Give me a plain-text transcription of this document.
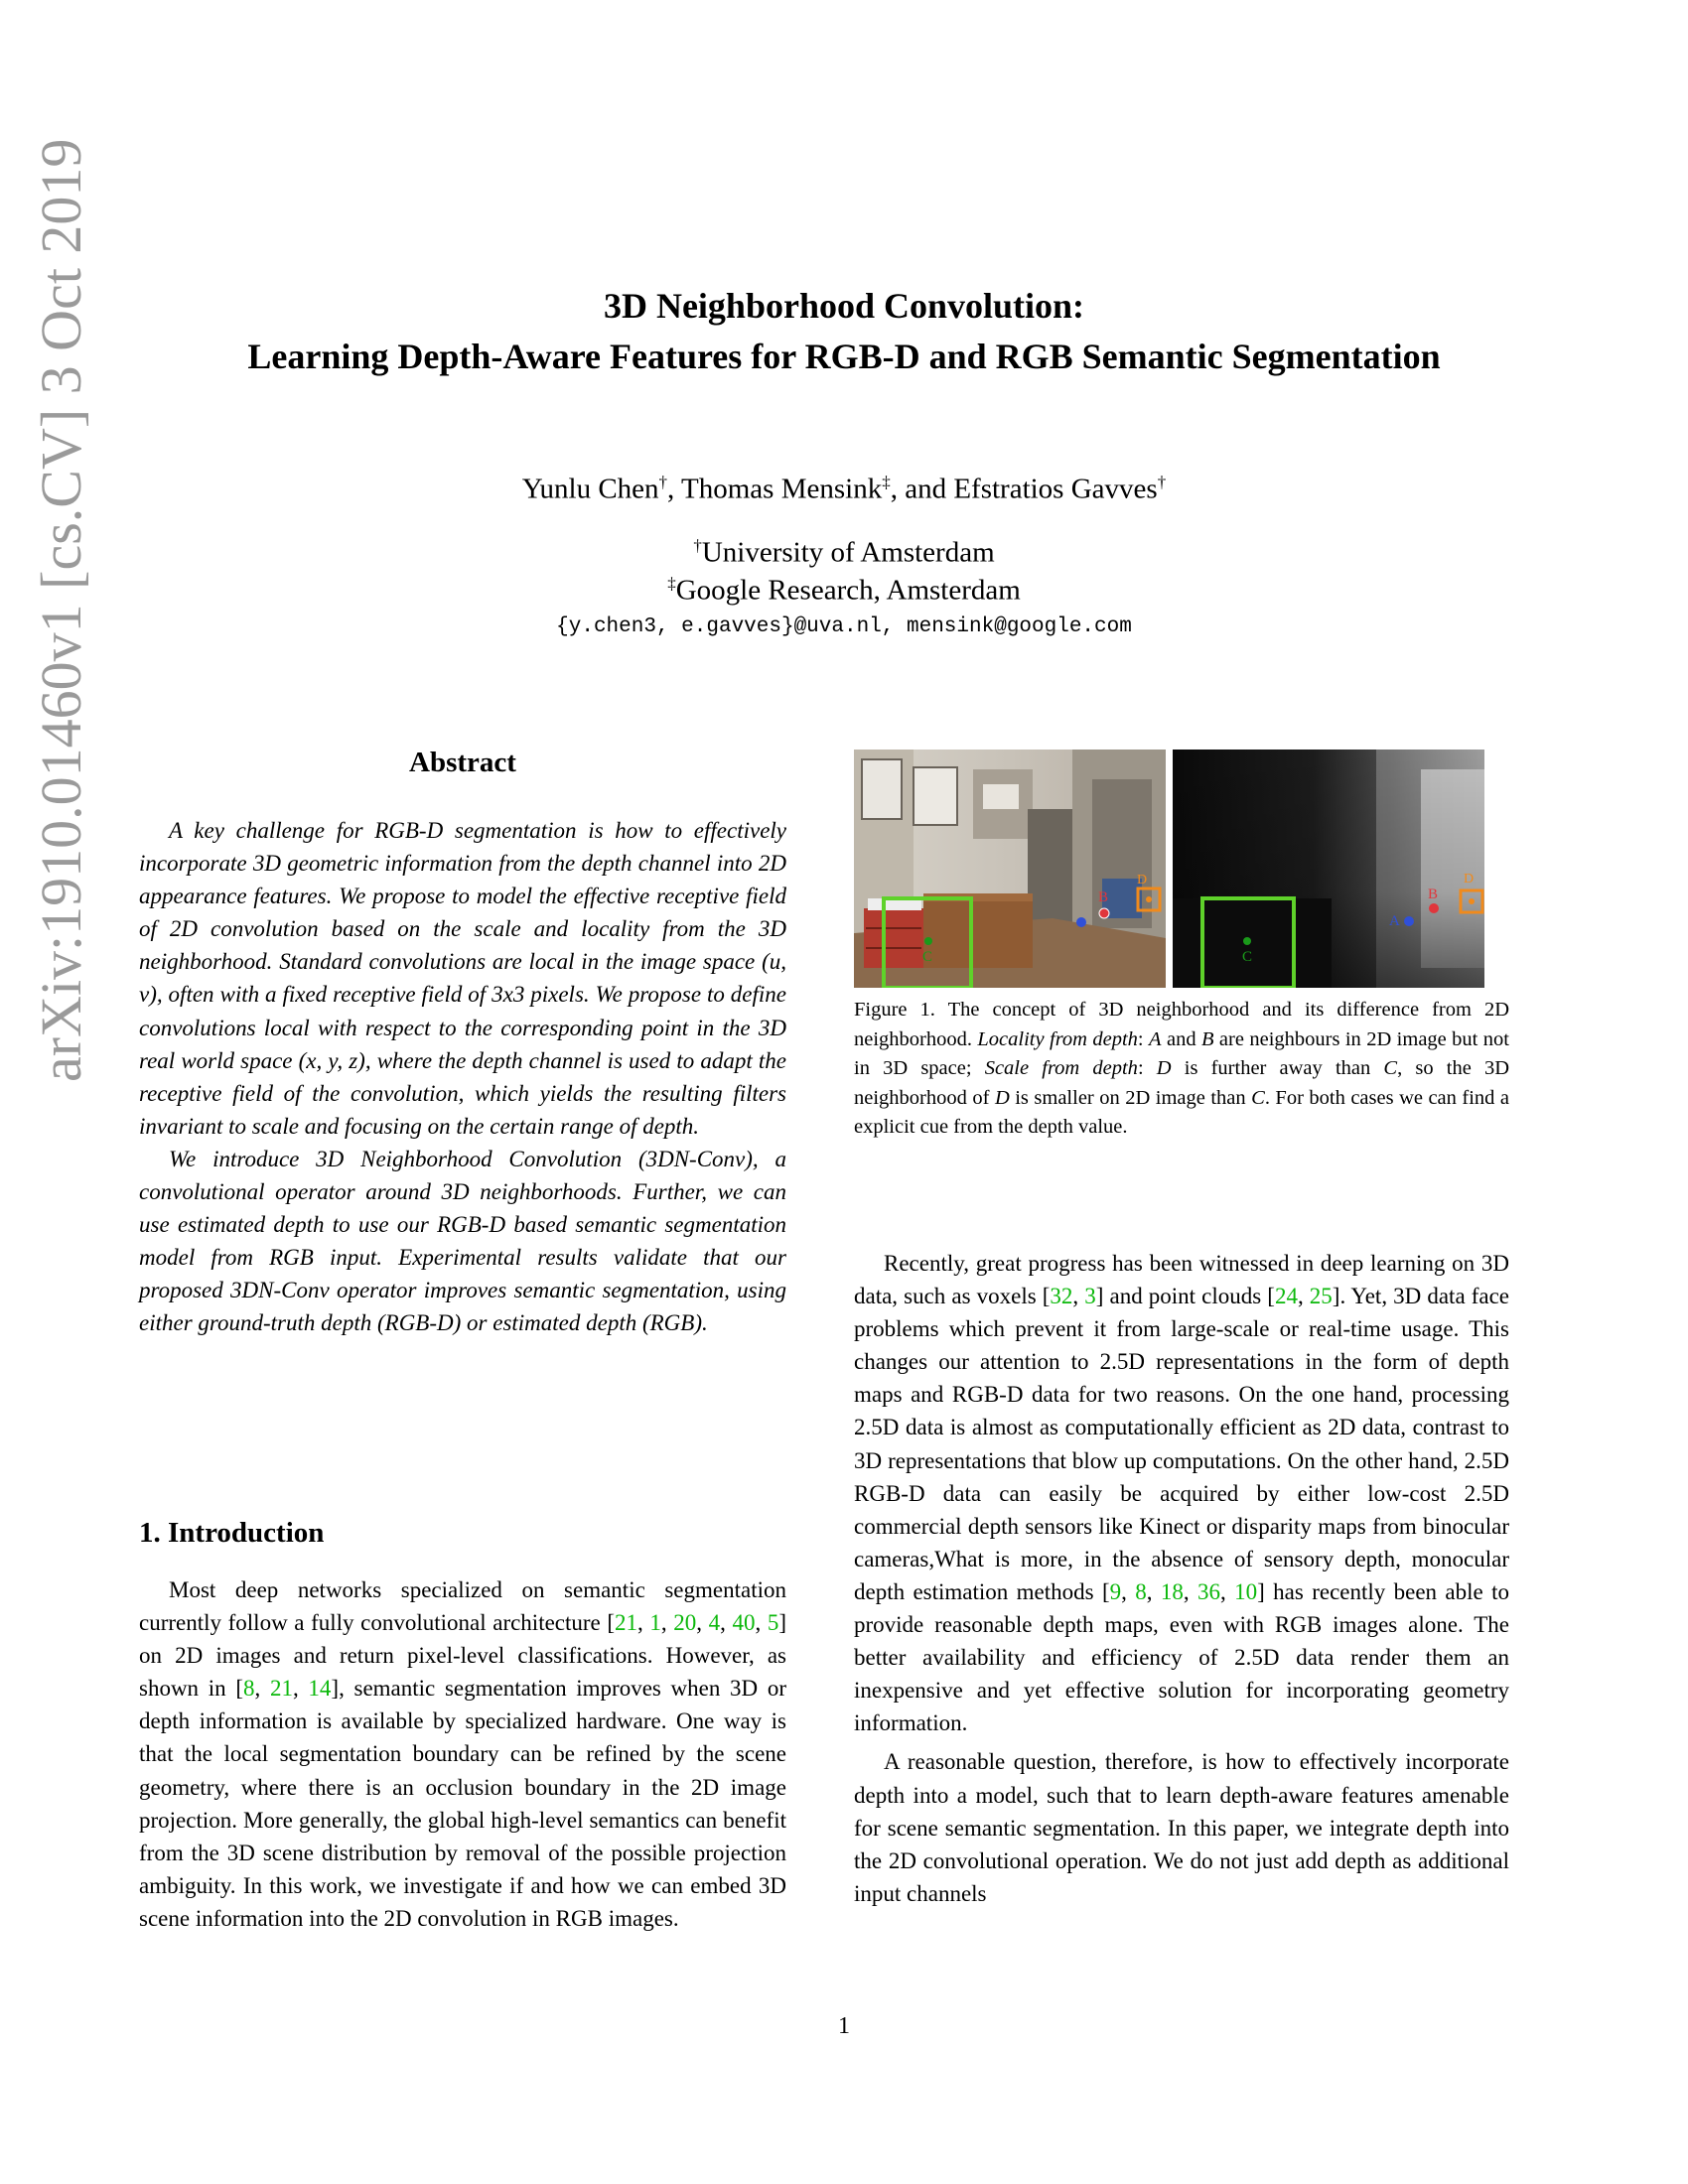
arXiv:1910.01460v1 [cs.CV] 3 Oct 2019	3D Neighborhood Convolution:
Learning Depth-Aware Features for RGB-D and RGB Semantic Segmentation
Yunlu Chen†, Thomas Mensink‡, and Efstratios Gavves†
†University of Amsterdam
‡Google Research, Amsterdam
{y.chen3, e.gavves}@uva.nl, mensink@google.com
Abstract

A key challenge for RGB-D segmentation is how to effectively incorporate 3D geometric information from the depth channel into 2D appearance features. We propose to model the effective receptive field of 2D convolution based on the scale and locality from the 3D neighborhood. Standard convolutions are local in the image space (u, v), often with a fixed receptive field of 3x3 pixels. We propose to define convolutions local with respect to the corresponding point in the 3D real world space (x, y, z), where the depth channel is used to adapt the receptive field of the convolution, which yields the resulting filters invariant to scale and focusing on the certain range of depth.

We introduce 3D Neighborhood Convolution (3DN-Conv), a convolutional operator around 3D neighborhoods. Further, we can use estimated depth to use our RGB-D based semantic segmentation model from RGB input. Experimental results validate that our proposed 3DN-Conv operator improves semantic segmentation, using either ground-truth depth (RGB-D) or estimated depth (RGB).

1. Introduction

Most deep networks specialized on semantic segmentation currently follow a fully convolutional architecture [21, 1, 20, 4, 40, 5] on 2D images and return pixel-level classifications. However, as shown in [8, 21, 14], semantic segmentation improves when 3D or depth information is available by specialized hardware. One way is that the local segmentation boundary can be refined by the scene geometry, where there is an occlusion boundary in the 2D image projection. More generally, the global high-level semantics can benefit from the 3D scene distribution by removal of the possible projection ambiguity. In this work, we investigate if and how we can embed 3D scene information into the 2D convolution in RGB images.

C
B
D
C
A
B
D
Figure 1. The concept of 3D neighborhood and its difference from 2D neighborhood. Locality from depth: A and B are neighbours in 2D image but not in 3D space; Scale from depth: D is further away than C, so the 3D neighborhood of D is smaller on 2D image than C. For both cases we can find a explicit cue from the depth value.

Recently, great progress has been witnessed in deep learning on 3D data, such as voxels [32, 3] and point clouds [24, 25]. Yet, 3D data face problems which prevent it from large-scale or real-time usage. This changes our attention to 2.5D representations in the form of depth maps and RGB-D data for two reasons. On the one hand, processing 2.5D data is almost as computationally efficient as 2D data, contrast to 3D representations that blow up computations. On the other hand, 2.5D RGB-D data can easily be acquired by either low-cost 2.5D commercial depth sensors like Kinect or disparity maps from binocular cameras,What is more, in the absence of sensory depth, monocular depth estimation methods [9, 8, 18, 36, 10] has recently been able to provide reasonable depth maps, even with RGB images alone. The better availability and efficiency of 2.5D data render them an inexpensive and yet effective solution for incorporating geometry information.

A reasonable question, therefore, is how to effectively incorporate depth into a model, such that to learn depth-aware features amenable for scene semantic segmentation. In this paper, we integrate depth into the 2D convolutional operation. We do not just add depth as additional input channels

1
